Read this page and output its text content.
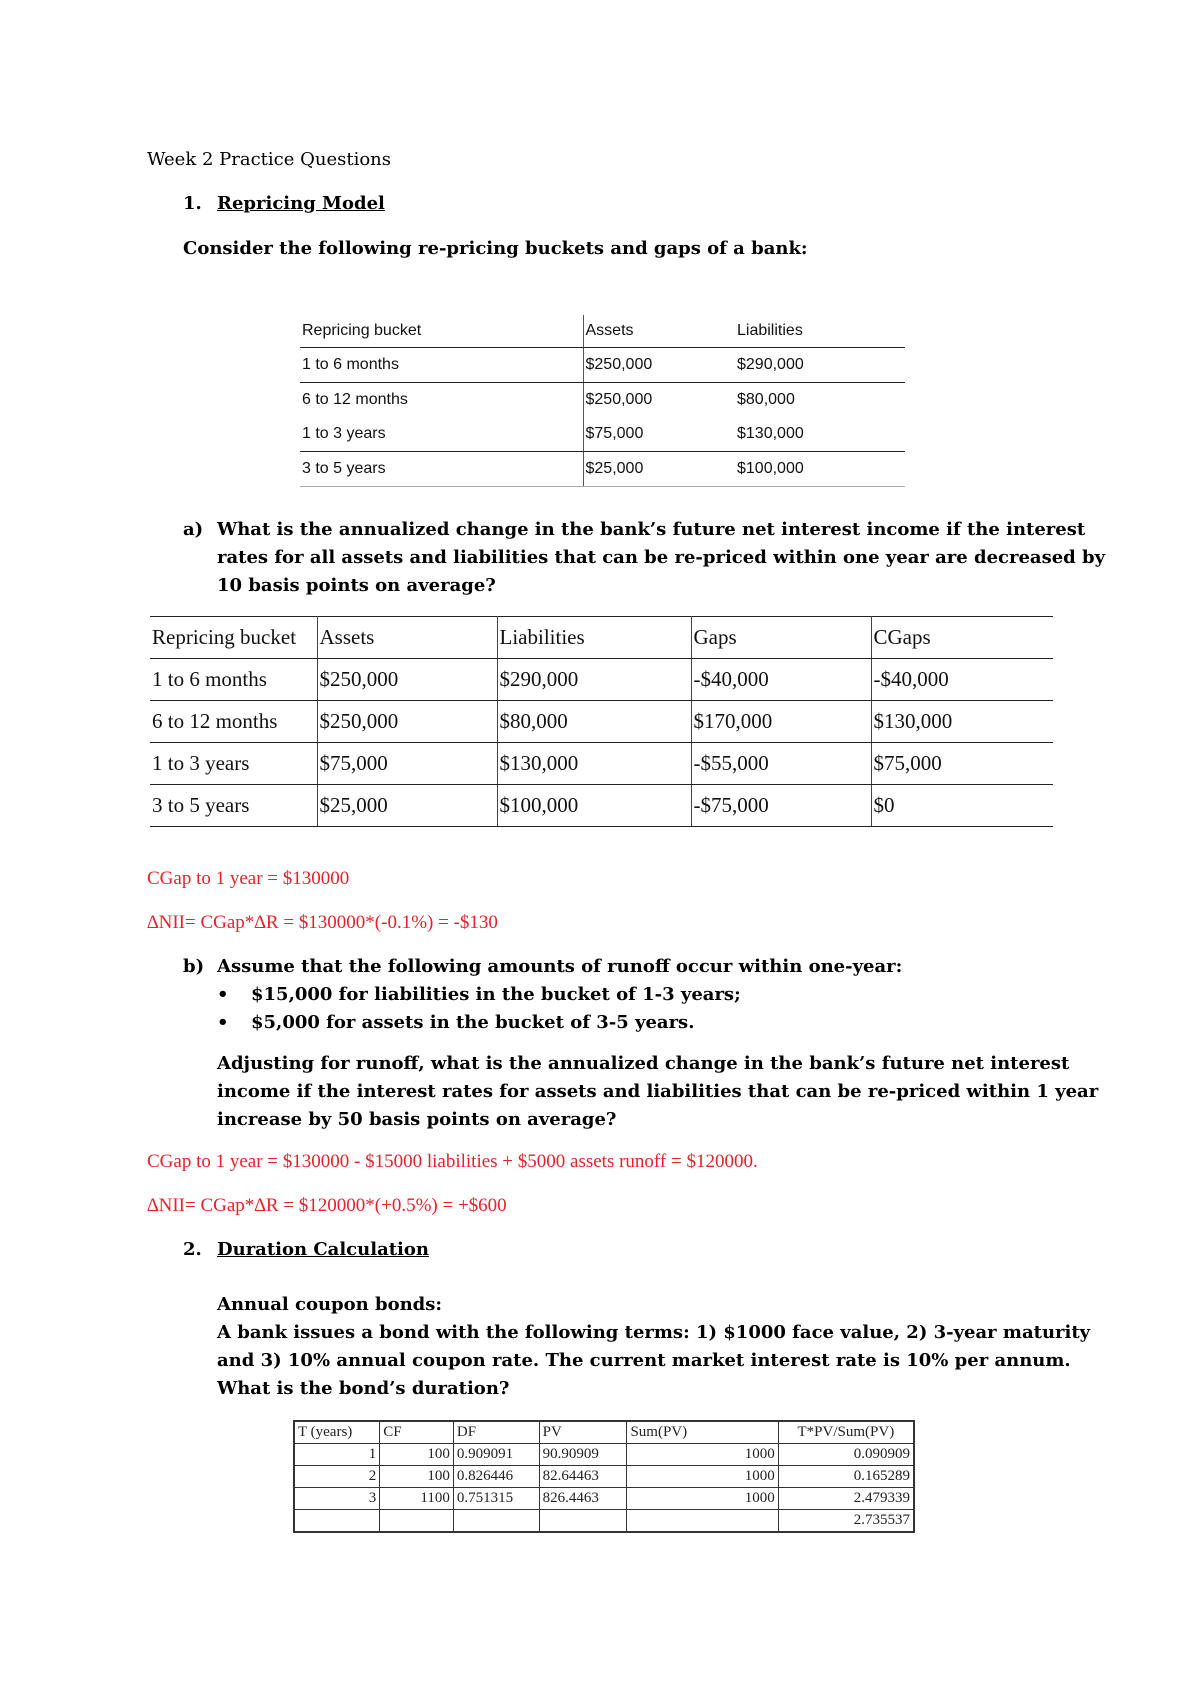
Week 2 Practice Questions
1. Repricing Model
Consider the following re-pricing buckets and gaps of a bank:
Repricing bucket	Assets	Liabilities
1 to 6 months	$250,000	$290,000
6 to 12 months	$250,000	$80,000
1 to 3 years	$75,000	$130,000
3 to 5 years	$25,000	$100,000
a) What is the annualized change in the bank’s future net interest income if the interest
rates for all assets and liabilities that can be re-priced within one year are decreased by
10 basis points on average?
Repricing bucket	Assets	Liabilities	Gaps	CGaps
1 to 6 months	$250,000	$290,000	-$40,000	-$40,000
6 to 12 months	$250,000	$80,000	$170,000	$130,000
1 to 3 years	$75,000	$130,000	-$55,000	$75,000
3 to 5 years	$25,000	$100,000	-$75,000	$0
CGap to 1 year = $130000
∆NII= CGap*∆R = $130000*(-0.1%) = -$130
b) Assume that the following amounts of runoff occur within one-year:
• $15,000 for liabilities in the bucket of 1-3 years;
• $5,000 for assets in the bucket of 3-5 years.
Adjusting for runoff, what is the annualized change in the bank’s future net interest
income if the interest rates for assets and liabilities that can be re-priced within 1 year
increase by 50 basis points on average?
CGap to 1 year = $130000 - $15000 liabilities + $5000 assets runoff = $120000.
∆NII= CGap*∆R = $120000*(+0.5%) = +$600
2. Duration Calculation
Annual coupon bonds:
A bank issues a bond with the following terms: 1) $1000 face value, 2) 3-year maturity
and 3) 10% annual coupon rate. The current market interest rate is 10% per annum.
What is the bond’s duration?
T (years)	CF	DF	PV	Sum(PV)	T*PV/Sum(PV)
1	100	0.909091	90.90909	1000	0.090909
2	100	0.826446	82.64463	1000	0.165289
3	1100	0.751315	826.4463	1000	2.479339
					2.735537
